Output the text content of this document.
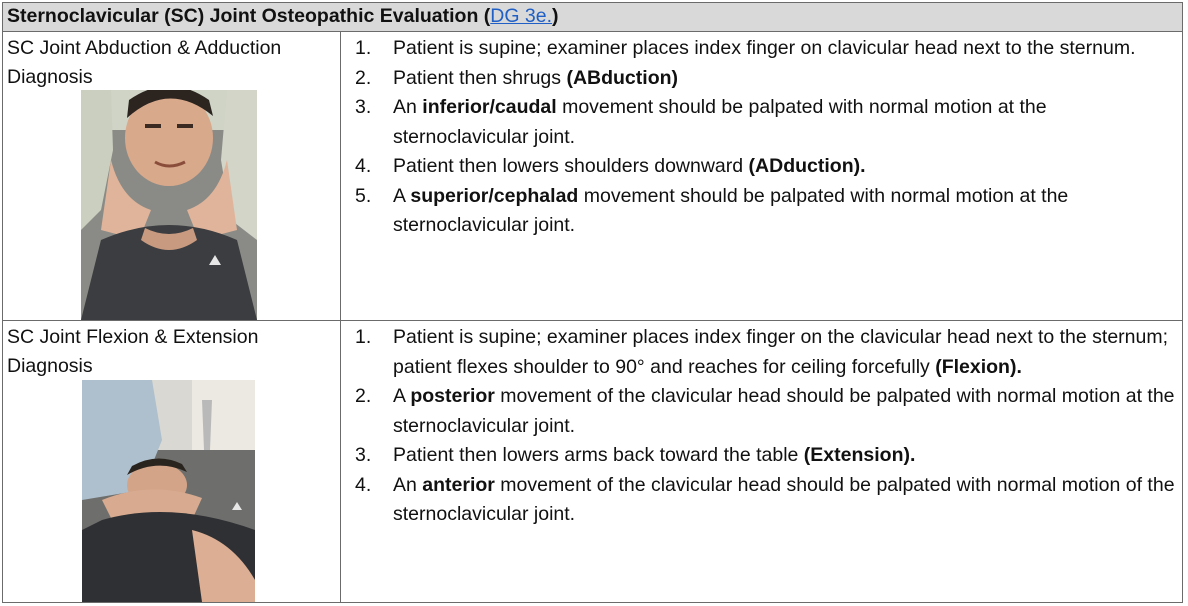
Sternoclavicular (SC) Joint Osteopathic Evaluation (DG 3e.)
SC Joint Abduction & Adduction Diagnosis
1. Patient is supine; examiner places index finger on clavicular head next to the sternum.
2. Patient then shrugs (ABduction)
3. An inferior/caudal movement should be palpated with normal motion at the sternoclavicular joint.
4. Patient then lowers shoulders downward (ADduction).
5. A superior/cephalad movement should be palpated with normal motion at the sternoclavicular joint.
SC Joint Flexion & Extension Diagnosis
1. Patient is supine; examiner places index finger on the clavicular head next to the sternum; patient flexes shoulder to 90° and reaches for ceiling forcefully (Flexion).
2. A posterior movement of the clavicular head should be palpated with normal motion at the sternoclavicular joint.
3. Patient then lowers arms back toward the table (Extension).
4. An anterior movement of the clavicular head should be palpated with normal motion of the sternoclavicular joint.
